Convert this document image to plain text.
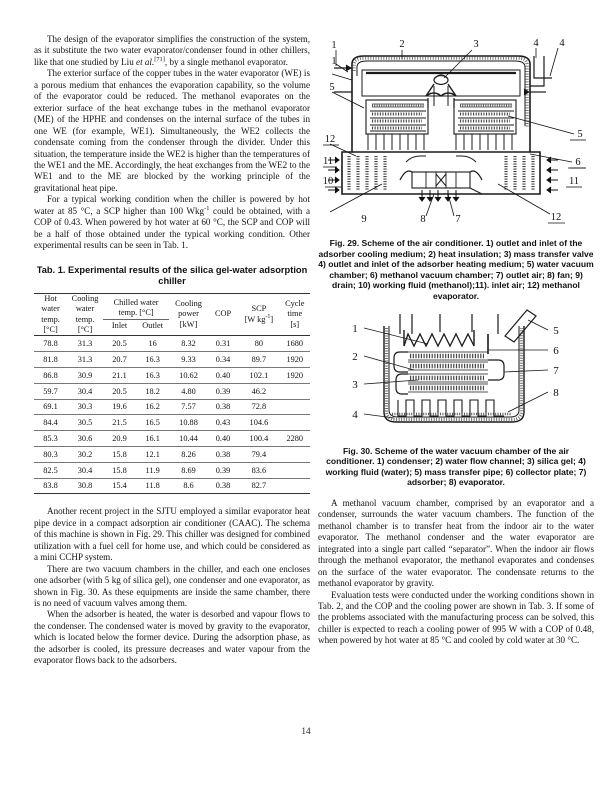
The design of the evaporator simplifies the construction of the system, as it substitute the two water evaporator/condenser found in other chillers, like that one studied by Liu et al.[71], by a single methanol evaporator.

The exterior surface of the copper tubes in the water evaporator (WE) is a porous medium that enhances the evaporation capability, so the volume of the evaporator could be reduced. The methanol evaporates on the exterior surface of the heat exchange tubes in the methanol evaporator (ME) of the HPHE and condenses on the internal surface of the tubes in one WE (for example, WE1). Simultaneously, the WE2 collects the condensate coming from the condenser through the divider. Under this situation, the temperature inside the WE2 is higher than the temperatures of the WE1 and the ME. Accordingly, the heat exchanges from the WE2 to the WE1 and to the ME are blocked by the working principle of the gravitational heat pipe.

For a typical working condition when the chiller is powered by hot water at 85 °C, a SCP higher than 100 Wkg$^{-1}$ could be obtained, with a COP of 0.43. When powered by hot water at 60 °C, the SCP and COP will be a half of those obtained under the typical working condition. Other experimental results can be seen in Tab. 1.

Tab. 1. Experimental results of the silica gel-water adsorption chiller
Hot
water
temp.
[°C]	Cooling
water
temp.
[°C]	Chilled water
temp. [°C]
Inlet Outlet		Cooling
power
[kW]	COP	SCP
[W $kg^{-1}$]	Cycle
time
[s]

78.8	31.3	20.5	16	8.32	0.31	80	1680
81.8	31.3	20.7	16.3	9.33	0.34	89.7	1920
86.8	30.9	21.1	16.3	10.62	0.40	102.1	1920
59.7	30.4	20.5	18.2	4.80	0.39	46.2	
69.1	30.3	19.6	16.2	7.57	0.38	72.8	
84.4	30.5	21.5	16.5	10.88	0.43	104.6	
85.3	30.6	20.9	16.1	10.44	0.40	100.4	2280
80.3	30.2	15.8	12.1	8.26	0.38	79.4	
82.5	30.4	15.8	11.9	8.69	0.39	83.6	
83.8	30.8	15.4	11.8	8.6	0.38	82.7	

Another recent project in the SJTU employed a similar evaporator heat pipe device in a compact adsorption air conditioner (CAAC). The schema of this machine is shown in Fig. 29. This chiller was designed for combined utilization with a fuel cell for home use, and which could be considered as a mini CCHP system.

There are two vacuum chambers in the chiller, and each one encloses one adsorber (with 5 kg of silica gel), one condenser and one evaporator, as shown in Fig. 30. As these equipments are inside the same chamber, there is no need of vacuum valves among them.

When the adsorber is heated, the water is desorbed and vapour flows to the condenser. The condensed water is moved by gravity to the evaporator, which is located below the former device. During the adsorption phase, as the adsorber is cooled, its pressure decreases and water vapour from the evaporator flows back to the adsorbers.

1
1
2	3	4 4
5
5
6
7
8
9
10
11
11
12
12
Fig. 29. Scheme of the air conditioner. 1) outlet and inlet of the adsorber cooling medium; 2) heat insulation; 3) mass transfer valve 4) outlet and inlet of the adsorber heating medium; 5) water vacuum chamber; 6) methanol vacuum chamber; 7) outlet air; 8) fan; 9) drain; 10) working fluid (methanol);11). inlet air; 12) methanol evaporator.
1
2
3
4
5
6
7
8
Fig. 30. Scheme of the water vacuum chamber of the air conditioner. 1) condenser; 2) water flow channel; 3) silica gel; 4) working fluid (water); 5) mass transfer pipe; 6) collector plate; 7) adsorber; 8) evaporator.

A methanol vacuum chamber, comprised by an evaporator and a condenser, surrounds the water vacuum chambers. The function of the methanol chamber is to transfer heat from the indoor air to the water evaporator. The methanol condenser and the water evaporator are integrated into a single part called “separator”. When the indoor air flows through the methanol evaporator, the methanol evaporates and condenses on the surface of the water evaporator. The condensate returns to the methanol evaporator by gravity.

Evaluation tests were conducted under the working conditions shown in Tab. 2, and the COP and the cooling power are shown in Tab. 3. If some of the problems associated with the manufacturing process can be solved, this chiller is expected to reach a cooling power of 995 W with a COP of 0.48, when powered by hot water at 85 °C and cooled by cold water at 30 °C.

14
